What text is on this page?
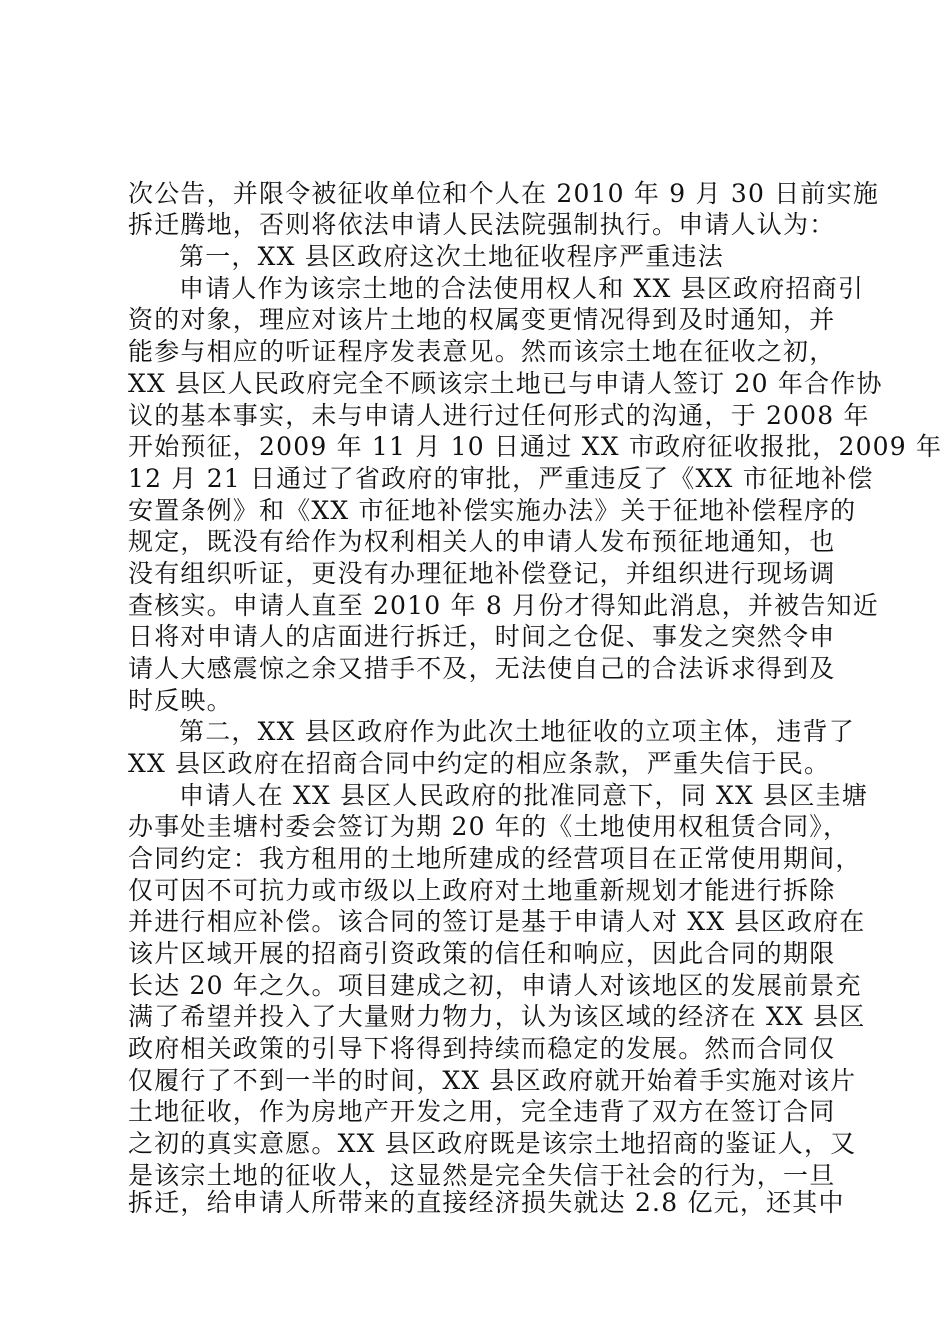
次公告，并限令被征收单位和个人在 2010 年 9 月 30 日前实施
拆迁腾地，否则将依法申请人民法院强制执行。申请人认为：
第一，XX 县区政府这次土地征收程序严重违法
申请人作为该宗土地的合法使用权人和 XX 县区政府招商引
资的对象，理应对该片土地的权属变更情况得到及时通知，并
能参与相应的听证程序发表意见。然而该宗土地在征收之初，
XX 县区人民政府完全不顾该宗土地已与申请人签订 20 年合作协
议的基本事实，未与申请人进行过任何形式的沟通，于 2008 年
开始预征，2009 年 11 月 10 日通过 XX 市政府征收报批，2009 年
12 月 21 日通过了省政府的审批，严重违反了《XX 市征地补偿
安置条例》和《XX 市征地补偿实施办法》关于征地补偿程序的
规定，既没有给作为权利相关人的申请人发布预征地通知，也
没有组织听证，更没有办理征地补偿登记，并组织进行现场调
查核实。申请人直至 2010 年 8 月份才得知此消息，并被告知近
日将对申请人的店面进行拆迁，时间之仓促、事发之突然令申
请人大感震惊之余又措手不及，无法使自己的合法诉求得到及
时反映。
第二，XX 县区政府作为此次土地征收的立项主体，违背了
XX 县区政府在招商合同中约定的相应条款，严重失信于民。
申请人在 XX 县区人民政府的批准同意下，同 XX 县区圭塘
办事处圭塘村委会签订为期 20 年的《土地使用权租赁合同》，
合同约定：我方租用的土地所建成的经营项目在正常使用期间，
仅可因不可抗力或市级以上政府对土地重新规划才能进行拆除
并进行相应补偿。该合同的签订是基于申请人对 XX 县区政府在
该片区域开展的招商引资政策的信任和响应，因此合同的期限
长达 20 年之久。项目建成之初，申请人对该地区的发展前景充
满了希望并投入了大量财力物力，认为该区域的经济在 XX 县区
政府相关政策的引导下将得到持续而稳定的发展。然而合同仅
仅履行了不到一半的时间，XX 县区政府就开始着手实施对该片
土地征收，作为房地产开发之用，完全违背了双方在签订合同
之初的真实意愿。XX 县区政府既是该宗土地招商的鉴证人，又
是该宗土地的征收人，这显然是完全失信于社会的行为，一旦
拆迁，给申请人所带来的直接经济损失就达 2.8 亿元，还其中
